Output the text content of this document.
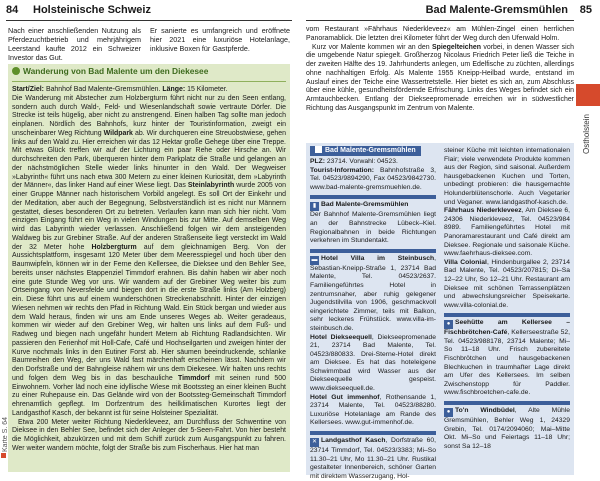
84 Holsteinische Schweiz	Bad Malente-Gremsmühlen 85

Nach einer anschließenden Nutzung als Pferdezuchtbetrieb und mehrjährigem Leerstand kaufte 2012 ein Schweizer Investor das Gut.

Er sanierte es umfangreich und eröffnete hier 2021 eine luxuriöse Hotelanlage, inklusive Boxen für Gastpferde.

Wanderung von Bad Malente um den Diekesee

Start/Ziel: Bahnhof Bad Malente-Gremsmühlen. Länge: 15 Kilometer.

Die Wanderung mit Abstecher zum Holzbergturm führt nicht nur zu den Seen entlang, sondern auch durch Wald-, Feld- und Wiesenlandschaft sowie vertraute Dörfer. Die Strecke ist teils hügelig, aber nicht zu anstrengend. Einen halben Tag sollte man jedoch einplanen. Nördlich des Bahnhofs, kurz hinter der Touristinformation, zweigt ein unscheinbarer Weg Richtung Wildpark ab. Wir durchqueren eine Streuobstwiese, gehen links auf den Wald zu. Hier erreichen wir das 12 Hektar große Gehege über eine Treppe. Mit etwas Glück treffen wir auf der Lichtung ein paar Rehe oder Hirsche an. Wir durchschreiten den Park, überqueren hinter dem Parkplatz die Straße und gelangen an der nächstmöglichen Stelle wieder links hinunter in den Wald. Der Wegweiser »Labyrinth« führt uns nach etwa 300 Metern zu einer kleinen Kuriosität, dem »Labyrinth der Männer«, das linker Hand auf einer Wiese liegt. Das Steinlabyrinth wurde 2005 von einer Gruppe Männer nach historischem Vorbild angelegt. Es soll Ort der Einkehr und der Meditation, aber auch der Begegnung, Selbstverständlich ist es nicht nur Männern gestattet, dieses besonderen Ort zu betreten. Verlaufen kann man sich hier nicht. Vom einzigen Eingang führt ein Weg in vielen Windungen bis zur Mitte. Auf demselben Weg wird das Labyrinth wieder verlassen. Anschließend folgen wir dem ansteigenden Waldweg bis zur Grebiner Straße. Auf der anderen Straßenseite liegt versteckt im Wald der 32 Meter hohe Holzbergturm auf dem gleichnamigen Berg. Von der Aussichtsplattform, insgesamt 120 Meter über dem Meeresspiegel und hoch über den Baumwipfeln, können wir in der Ferne den Kellersee, die Dieksee und den Behler See, bereits unser nächstes Etappenziel Timmdorf erahnen. Bis dahin haben wir aber noch eine gute Stunde Weg vor uns. Wir wandern auf der Grebiner Weg weiter bis zum Ortseingang von Neversfelde und biegen dort in die erste Straße links (Am Holzberg) ein. Diese führt uns auf einem wunderschönen Streckenabschnitt. Hinter der einzigen Wiesen nehmen wir rechts den Pfad in Richtung Wald. Ein Stück bergan und wieder aus dem Wald heraus, finden wir uns am Ende unseres Weges ab. Weiter geradeaus, kommen wir wieder auf den Grebiner Weg, wir halten uns links auf dem Fuß- und Radweg und biegen nach ungefähr hundert Metern ab Richtung Radlandsichten. Wir passieren den Ferienhof mit Holl-Cafe, Café und Hochseilgarten und zweigen hinter der Kurve nochmals links in den Eutiner Forst ab. Hier säumen beeindruckende, schlanke Baumreihen den Weg, der uns Wald fast märchenhaft erscheinen lässt. Nachdem wir den Dorfstraße und der Bahngleise nähern wir uns dem Diekesee. Wir halten uns rechts und folgen dem Weg bis in das beschauliche Timmdorf mit seinen rund 500 Einwohnern. Vorher läd noch eine idyllische Wiese mit Bootssteg an einer kleinen Bucht zu einer Ruhepause ein. Das Gelände wird von der Bootssteg-Gemeinschaft Timmdorf ehrenamtlich gepflegt. Im Dorfzentrum des heilklimatischen Kurortes liegt der Landgasthof Kasch, der bekannt ist für seine Holsteiner Spezialität.

Etwa 200 Meter weiter Richtung Niederkleveez, am Durchfluss der Schwentine von Dieksee in den Behler See, befindet sich der Anleger der 5-Seen-Fahrt. Von hier besteht die Möglichkeit, abzukürzen und mit dem Schiff zurück zum Ausgangspunkt zu fahren. Wer weiter wandern möchte, folgt der Straße bis zum Fischerhaus. Hier hat man

vom Restaurant »Fährhaus Niederkleveez« am Mühlen-Zingel einen herrlichen Panoramablick. Die letzten drei Kilometer führt der Weg durch den Uferwald Holm.

Kurz vor Malente kommen wir an den Spiegelteichen vorbei, in denen Wasser sich die umgebende Natur spiegelt. Großherzog Nicolaus Friedrich Peter ließ die Teiche in der zweiten Hälfte des 19. Jahrhunderts anlegen, um Edelfische zu züchten, allerdings ohne nachhaltigen Erfolg. Als Malente 1955 Kneipp-Heilbad wurde, entstand im Auslauf eines der Teiche eine Wassertretstelle. Hier bietet es sich an, zum Abschluss über eine kühle, gesundheitsfördernde Erfrischung. Links des Weges befindet sich ein Armtauchbecken. Entlang der Diekseepromenade erreichen wir in südwestlicher Richtung das Ausgangspunkt im Zentrum von Malente.

Ostholstein
Karte S. 64
Bad Malente-Gremsmühlen

PLZ: 23714. Vorwahl: 04523.

Tourist-Information: Bahnhofstraße 3, Tel. 04523/9894290, Fax 04523/9842730. www.bad-malente-gremsmuehlen.de.

▮ Bad Malente-Gremsmühlen

Der Bahnhof Malente-Gremsmühlen liegt an der Bahnstrecke Lübeck–Kiel. Regionalbahnen in beide Richtungen verkehren im Stundentakt.

▬ Hotel Villa im Steinbusch, Sebastian-Kneipp-Straße 1, 23714 Bad Malente, Tel. 04523/2637. Familiengeführtes Hotel in zentrumsnaher, aber ruhig gelegener Jugendstilvilla von 1906, geschmackvoll eingerichtete Zimmer, teils mit Balkon, sehr leckeres Frühstück. www.villa-im-steinbusch.de.

Hotel Diekseequell, Diekseepromenade 21, 23714 Bad Malente, Tel. 04523/880833. Drei-Sterne-Hotel direkt am Dieksee. Es hat das hoteleigene Schwimmbad wird Wasser aus der Diekseequelle gespeist. www.diekseequell.de.

Hotel Gut immenhof, Rothensande 1, 23714 Malente, Tel. 04523/88280. Luxuriöse Hotelanlage am Rande des Kellersees. www.gut-immenhof.de.

✕ Landgasthof Kasch, Dorfstraße 60, 23714 Timmdorf, Tel. 04523/3383; Mi–So 11.30–21 Uhr, Mo 11.30–21 Uhr. Rustikal gestalteter Innenbereich, schöner Garten mit direktem Wasserzugang, Hol-

steiner Küche mit leichten internationalen Flair; viele verwendete Produkte kommen aus der Region, sind saisonal. Außerdem hausgebackenen Kuchen und Torten, unbedingt probieren: die hausgemachte Holunderblütenschorle. Auch Vegetarier und Veganer. www.landgasthof-kasch.de.

Fährhaus Niederkleveez, Am Dieksee 6, 24306 Niederkleveez, Tel. 04523/984 8989. Familiengeführtes Hotel mit Panoramarestaurant und Café direkt am Dieksee. Regionale und saisonale Küche. www.faehrhaus-dieksee.com.

Villa Colonial, Hindenburgallee 2, 23714 Bad Malente, Tel. 04523/207815; Di–Sa 12–22 Uhr, So 12–21 Uhr. Restaurant am Dieksee mit schönen Terrassenplätzen und abwechslungsreicher Speisekarte. www.villa-colonial.de.

● Seehütte am Kellersee – Fischbrötchen-Café, Kellerseestraße 52, Tel. 04523/988178, 23714 Malente; Mi–So 11–18 Uhr. Frisch zubereitete Fischbrötchen und hausgebackenen Blechkuchen in traumhafter Lage direkt am Ufer des Kellersees. Im selben Zwischenstopp für Paddler. www.fischbroetchen-cafe.de.

● To'n Windbüdel, Alte Mühle Gremsmühlen, Behler Weg 1, 24329 Grebin, Tel. 0174/2094060; Mai–Mitte Okt. Mi–So und Feiertags 11–18 Uhr; sonst Sa 12–18
